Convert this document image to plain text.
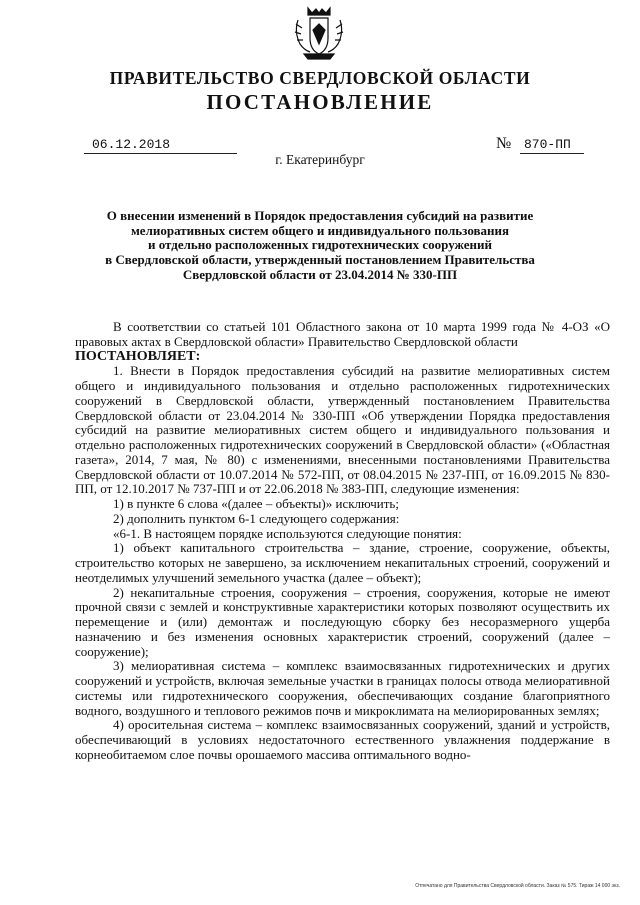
ПРАВИТЕЛЬСТВО СВЕРДЛОВСКОЙ ОБЛАСТИ
ПОСТАНОВЛЕНИЕ
06.12.2018	№ 870-ПП
г. Екатеринбург
О внесении изменений в Порядок предоставления субсидий на развитие
мелиоративных систем общего и индивидуального пользования
и отдельно расположенных гидротехнических сооружений
в Свердловской области, утвержденный постановлением Правительства
Свердловской области от 23.04.2014 № 330-ПП

В соответствии со статьей 101 Областного закона от 10 марта 1999 года № 4-ОЗ «О правовых актах в Свердловской области» Правительство Свердловской области

ПОСТАНОВЛЯЕТ:

1. Внести в Порядок предоставления субсидий на развитие мелиоративных систем общего и индивидуального пользования и отдельно расположенных гидротехнических сооружений в Свердловской области, утвержденный постановлением Правительства Свердловской области от 23.04.2014 № 330-ПП «Об утверждении Порядка предоставления субсидий на развитие мелиоративных систем общего и индивидуального пользования и отдельно расположенных гидротехнических сооружений в Свердловской области» («Областная газета», 2014, 7 мая, № 80) с изменениями, внесенными постановлениями Правительства Свердловской области от 10.07.2014 № 572-ПП, от 08.04.2015 № 237-ПП, от 16.09.2015 № 830-ПП, от 12.10.2017 № 737-ПП и от 22.06.2018 № 383-ПП, следующие изменения:

1) в пункте 6 слова «(далее – объекты)» исключить;

2) дополнить пунктом 6-1 следующего содержания:

«6-1. В настоящем порядке используются следующие понятия:

1) объект капитального строительства – здание, строение, сооружение, объекты, строительство которых не завершено, за исключением некапитальных строений, сооружений и неотделимых улучшений земельного участка (далее – объект);

2) некапитальные строения, сооружения – строения, сооружения, которые не имеют прочной связи с землей и конструктивные характеристики которых позволяют осуществить их перемещение и (или) демонтаж и последующую сборку без несоразмерного ущерба назначению и без изменения основных характеристик строений, сооружений (далее – сооружение);

3) мелиоративная система – комплекс взаимосвязанных гидротехнических и других сооружений и устройств, включая земельные участки в границах полосы отвода мелиоративной системы или гидротехнического сооружения, обеспечивающих создание благоприятного водного, воздушного и теплового режимов почв и микроклимата на мелиорированных землях;

4) оросительная система – комплекс взаимосвязанных сооружений, зданий и устройств, обеспечивающий в условиях недостаточного естественного увлажнения поддержание в корнеобитаемом слое почвы орошаемого массива оптимального водно-

Отпечатано для Правительства Свердловской области. Заказ № 575. Тираж 14 000 экз.
